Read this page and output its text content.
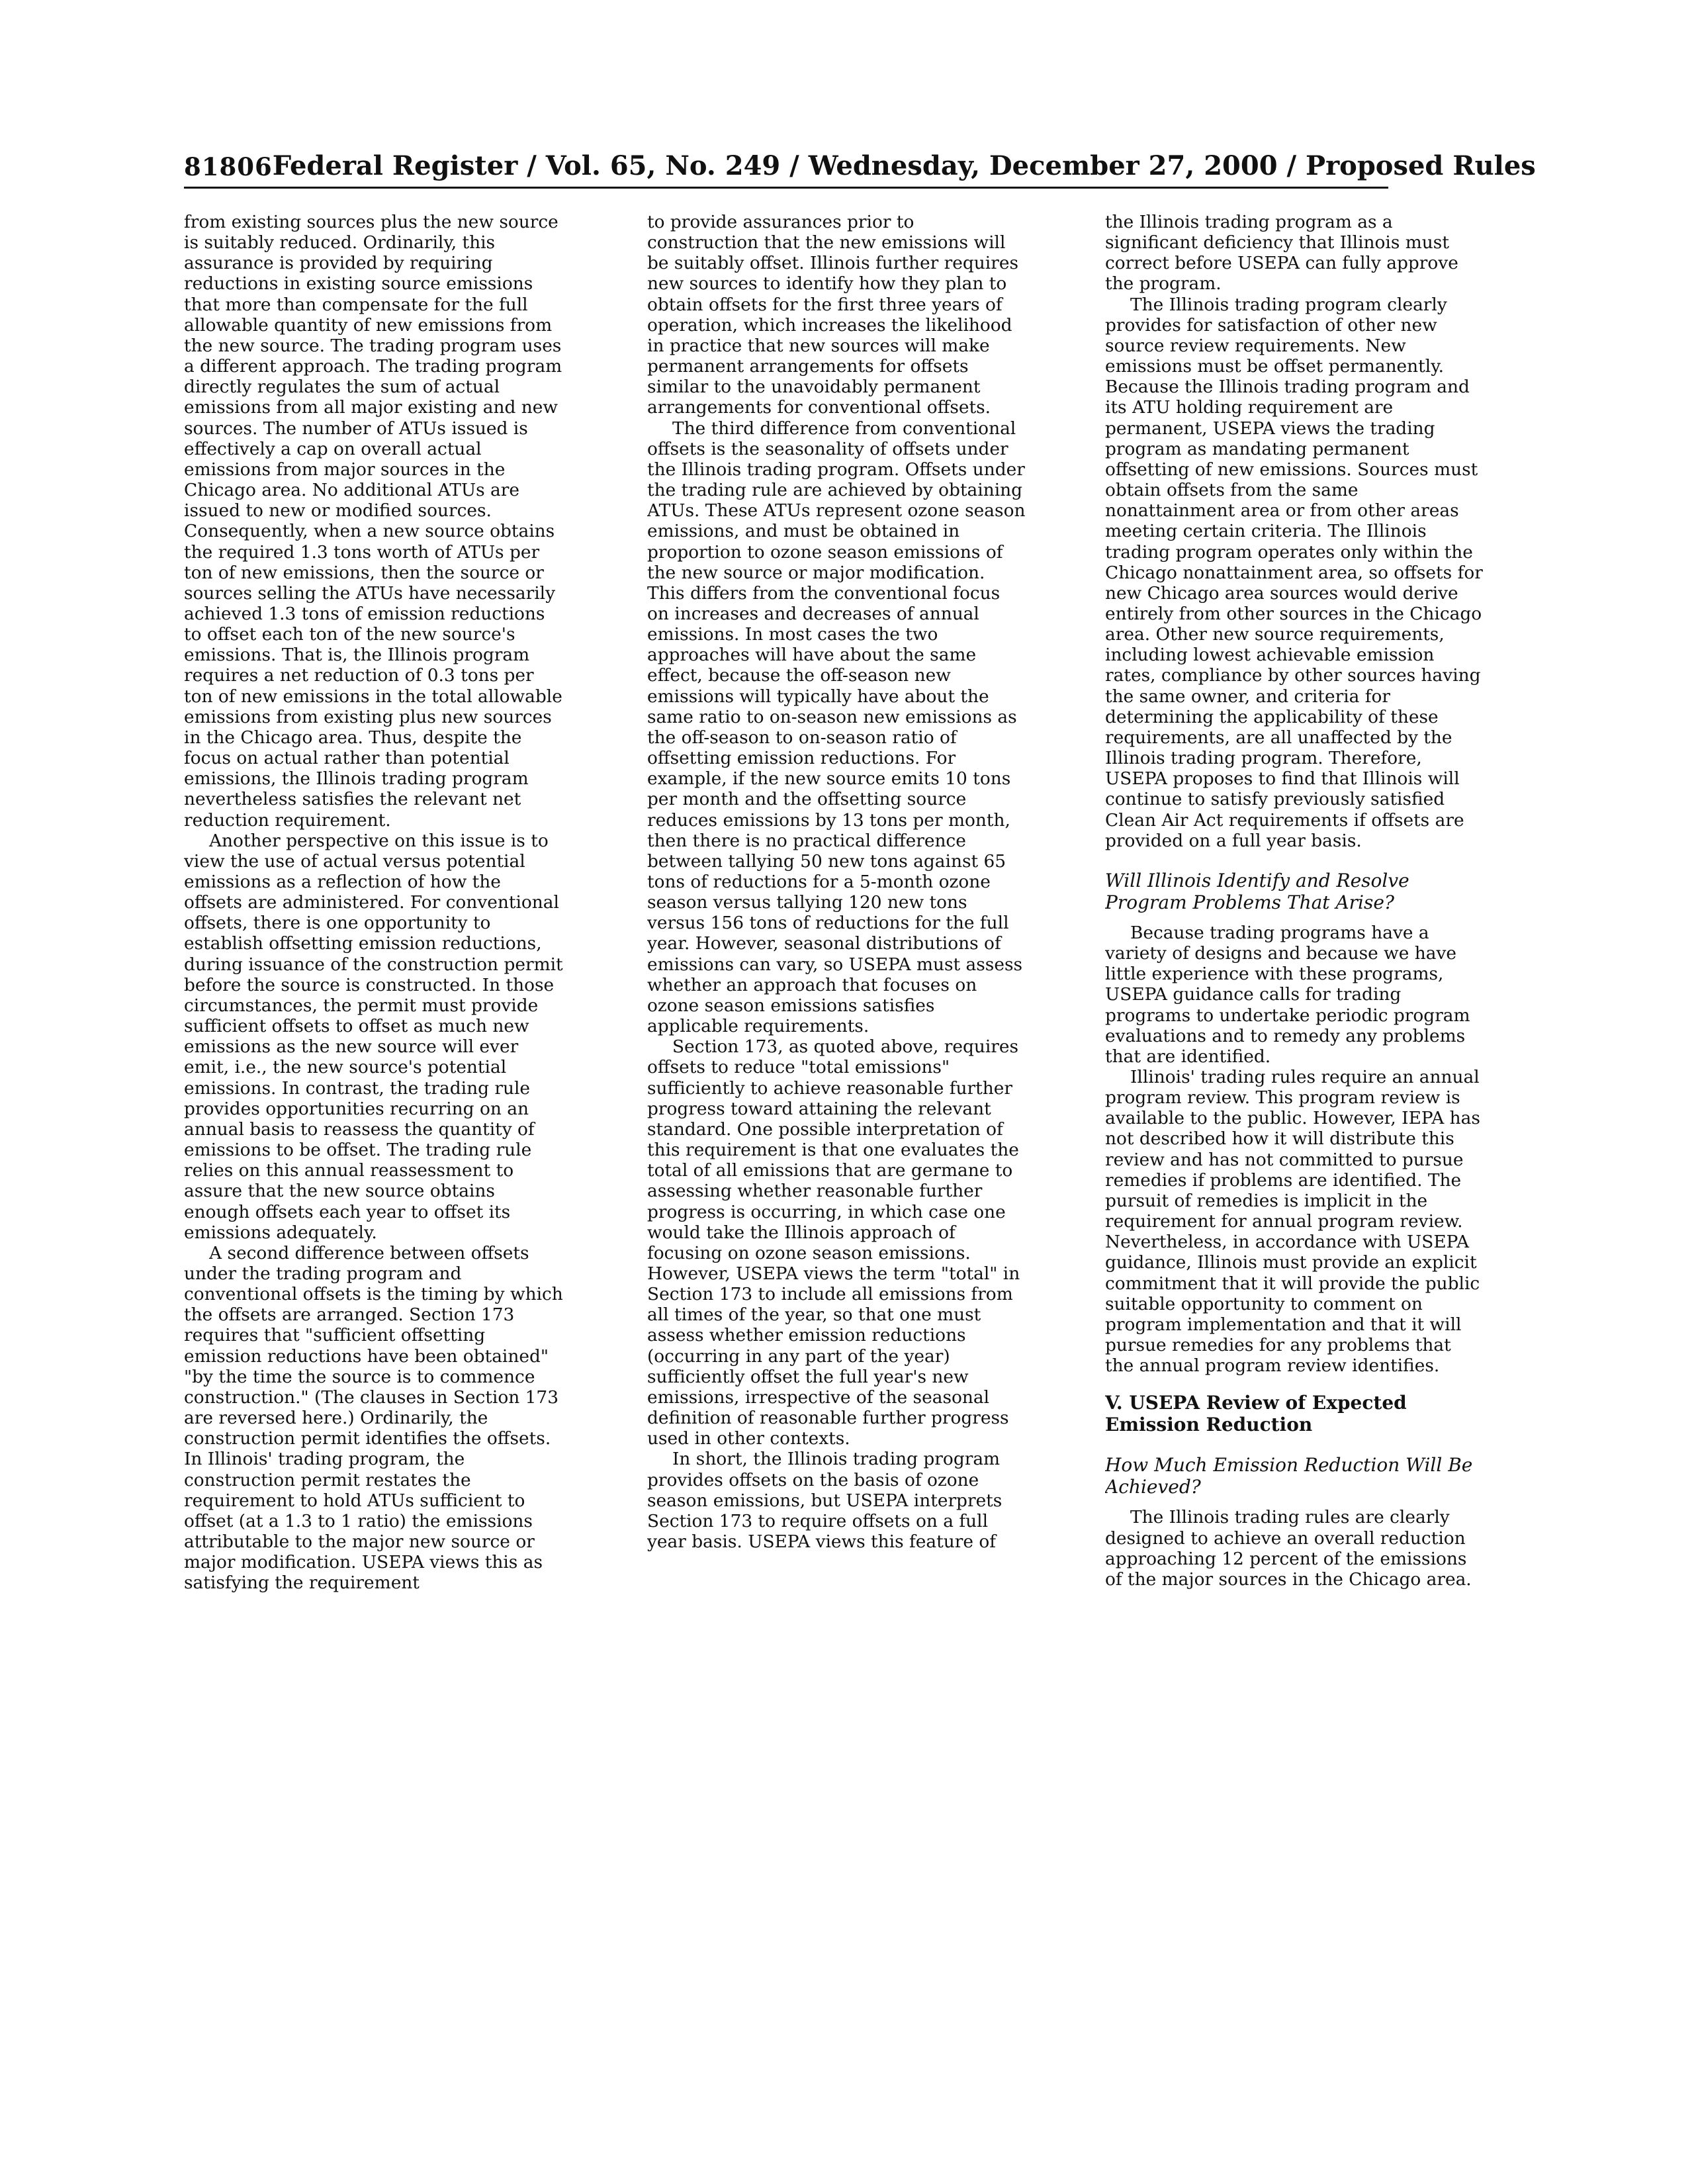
81806 Federal Register / Vol. 65, No. 249 / Wednesday, December 27, 2000 / Proposed Rules

from existing sources plus the new source is suitably reduced. Ordinarily, this assurance is provided by requiring reductions in existing source emissions that more than compensate for the full allowable quantity of new emissions from the new source. The trading program uses a different approach. The trading program directly regulates the sum of actual emissions from all major existing and new sources. The number of ATUs issued is effectively a cap on overall actual emissions from major sources in the Chicago area. No additional ATUs are issued to new or modified sources. Consequently, when a new source obtains the required 1.3 tons worth of ATUs per ton of new emissions, then the source or sources selling the ATUs have necessarily achieved 1.3 tons of emission reductions to offset each ton of the new source's emissions. That is, the Illinois program requires a net reduction of 0.3 tons per ton of new emissions in the total allowable emissions from existing plus new sources in the Chicago area. Thus, despite the focus on actual rather than potential emissions, the Illinois trading program nevertheless satisfies the relevant net reduction requirement.

Another perspective on this issue is to view the use of actual versus potential emissions as a reflection of how the offsets are administered. For conventional offsets, there is one opportunity to establish offsetting emission reductions, during issuance of the construction permit before the source is constructed. In those circumstances, the permit must provide sufficient offsets to offset as much new emissions as the new source will ever emit, i.e., the new source's potential emissions. In contrast, the trading rule provides opportunities recurring on an annual basis to reassess the quantity of emissions to be offset. The trading rule relies on this annual reassessment to assure that the new source obtains enough offsets each year to offset its emissions adequately.

A second difference between offsets under the trading program and conventional offsets is the timing by which the offsets are arranged. Section 173 requires that "sufficient offsetting emission reductions have been obtained" "by the time the source is to commence construction." (The clauses in Section 173 are reversed here.) Ordinarily, the construction permit identifies the offsets. In Illinois' trading program, the construction permit restates the requirement to hold ATUs sufficient to offset (at a 1.3 to 1 ratio) the emissions attributable to the major new source or major modification. USEPA views this as satisfying the requirement

to provide assurances prior to construction that the new emissions will be suitably offset. Illinois further requires new sources to identify how they plan to obtain offsets for the first three years of operation, which increases the likelihood in practice that new sources will make permanent arrangements for offsets similar to the unavoidably permanent arrangements for conventional offsets.

The third difference from conventional offsets is the seasonality of offsets under the Illinois trading program. Offsets under the trading rule are achieved by obtaining ATUs. These ATUs represent ozone season emissions, and must be obtained in proportion to ozone season emissions of the new source or major modification. This differs from the conventional focus on increases and decreases of annual emissions. In most cases the two approaches will have about the same effect, because the off-season new emissions will typically have about the same ratio to on-season new emissions as the off-season to on-season ratio of offsetting emission reductions. For example, if the new source emits 10 tons per month and the offsetting source reduces emissions by 13 tons per month, then there is no practical difference between tallying 50 new tons against 65 tons of reductions for a 5-month ozone season versus tallying 120 new tons versus 156 tons of reductions for the full year. However, seasonal distributions of emissions can vary, so USEPA must assess whether an approach that focuses on ozone season emissions satisfies applicable requirements.

Section 173, as quoted above, requires offsets to reduce "total emissions" sufficiently to achieve reasonable further progress toward attaining the relevant standard. One possible interpretation of this requirement is that one evaluates the total of all emissions that are germane to assessing whether reasonable further progress is occurring, in which case one would take the Illinois approach of focusing on ozone season emissions. However, USEPA views the term "total" in Section 173 to include all emissions from all times of the year, so that one must assess whether emission reductions (occurring in any part of the year) sufficiently offset the full year's new emissions, irrespective of the seasonal definition of reasonable further progress used in other contexts.

In short, the Illinois trading program provides offsets on the basis of ozone season emissions, but USEPA interprets Section 173 to require offsets on a full year basis. USEPA views this feature of

the Illinois trading program as a significant deficiency that Illinois must correct before USEPA can fully approve the program.

The Illinois trading program clearly provides for satisfaction of other new source review requirements. New emissions must be offset permanently. Because the Illinois trading program and its ATU holding requirement are permanent, USEPA views the trading program as mandating permanent offsetting of new emissions. Sources must obtain offsets from the same nonattainment area or from other areas meeting certain criteria. The Illinois trading program operates only within the Chicago nonattainment area, so offsets for new Chicago area sources would derive entirely from other sources in the Chicago area. Other new source requirements, including lowest achievable emission rates, compliance by other sources having the same owner, and criteria for determining the applicability of these requirements, are all unaffected by the Illinois trading program. Therefore, USEPA proposes to find that Illinois will continue to satisfy previously satisfied Clean Air Act requirements if offsets are provided on a full year basis.

Will Illinois Identify and Resolve Program Problems That Arise?

Because trading programs have a variety of designs and because we have little experience with these programs, USEPA guidance calls for trading programs to undertake periodic program evaluations and to remedy any problems that are identified.

Illinois' trading rules require an annual program review. This program review is available to the public. However, IEPA has not described how it will distribute this review and has not committed to pursue remedies if problems are identified. The pursuit of remedies is implicit in the requirement for annual program review. Nevertheless, in accordance with USEPA guidance, Illinois must provide an explicit commitment that it will provide the public suitable opportunity to comment on program implementation and that it will pursue remedies for any problems that the annual program review identifies.

V. USEPA Review of Expected Emission Reduction
How Much Emission Reduction Will Be Achieved?

The Illinois trading rules are clearly designed to achieve an overall reduction approaching 12 percent of the emissions of the major sources in the Chicago area.
